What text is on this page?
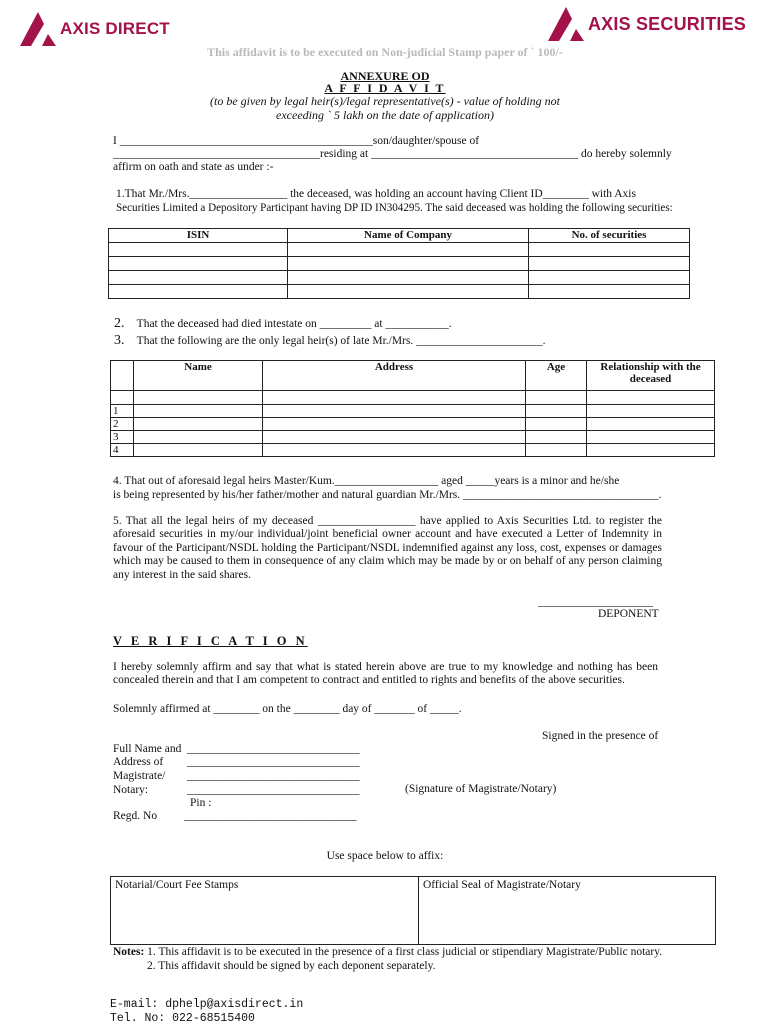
AXIS DIRECT	AXIS SECURITIES
This affidavit is to be executed on Non-judicial Stamp paper of ` 100/-
ANNEXURE OD
A F F I D A V I T
(to be given by legal heir(s)/legal representative(s) - value of holding not
exceeding ` 5 lakh on the date of application)
I ____________________________________________son/daughter/spouse of
____________________________________residing at ____________________________________ do hereby solemnly
affirm on oath and state as under :-
1.That Mr./Mrs._________________ the deceased, was holding an account having Client ID________ with Axis
Securities Limited a Depository Participant having DP ID IN304295. The said deceased was holding the following securities:
ISIN	Name of Company	No. of securities

2. That the deceased had died intestate on _________ at ___________.
3. That the following are the only legal heir(s) of late Mr./Mrs. ______________________.
	Name	Address	Age	Relationship with the deceased

1				
2				
3				
4				
4. That out of aforesaid legal heirs Master/Kum.__________________ aged _____years is a minor and he/she
is being represented by his/her father/mother and natural guardian Mr./Mrs. __________________________________.
5. That all the legal heirs of my deceased _________________ have applied to Axis Securities Ltd. to register the aforesaid securities in my/our individual/joint beneficial owner account and have executed a Letter of Indemnity in favour of the Participant/NSDL holding the Participant/NSDL indemnified against any loss, cost, expenses or damages which may be caused to them in consequence of any claim which may be made by or on behalf of any person claiming any interest in the said shares.
____________________
DEPONENT
V E R I F I C A T I O N
I hereby solemnly affirm and say that what is stated herein above are true to my knowledge and nothing has been concealed therein and that I am competent to contract and entitled to rights and benefits of the above securities.
Solemnly affirmed at ________ on the ________ day of _______ of _____.
Signed in the presence of
Full Name and ______________________________
Address of ______________________________
Magistrate/ ______________________________
Notary:	______________________________	(Signature of Magistrate/Notary)
Pin :
Regd. No ______________________________
Use space below to affix:
Notarial/Court Fee Stamps	Official Seal of Magistrate/Notary
Notes: 1. This affidavit is to be executed in the presence of a first class judicial or stipendiary Magistrate/Public notary.
2. This affidavit should be signed by each deponent separately.
E-mail: dphelp@axisdirect.in
Tel. No: 022-68515400
